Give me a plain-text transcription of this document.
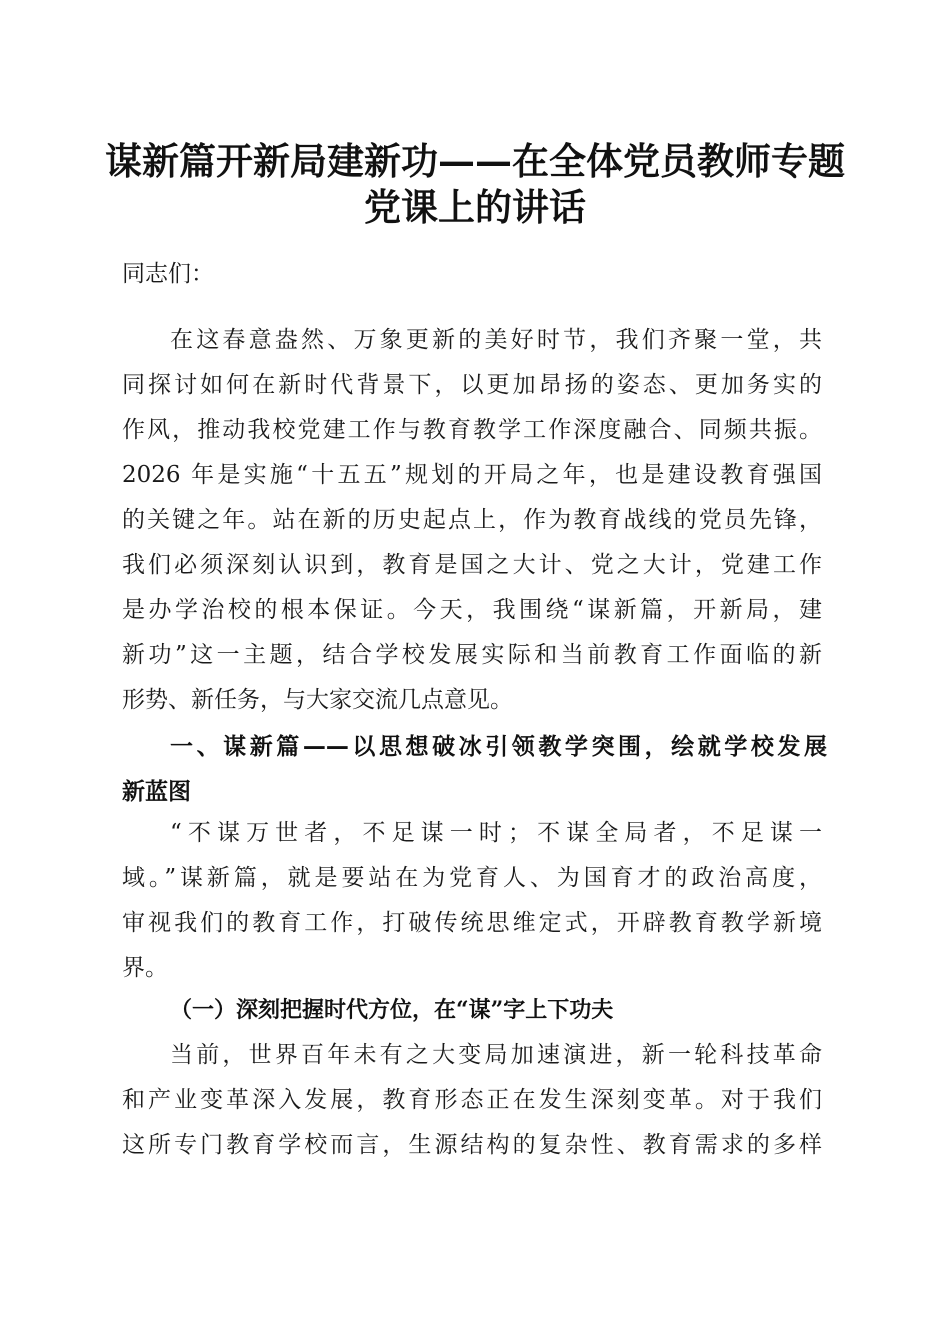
谋新篇开新局建新功——在全体党员教师专题
党课上的讲话
同志们：
在这春意盎然、万象更新的美好时节，我们齐聚一堂，共
同探讨如何在新时代背景下，以更加昂扬的姿态、更加务实的
作风，推动我校党建工作与教育教学工作深度融合、同频共振。
2026 年是实施“十五五”规划的开局之年，也是建设教育强国
的关键之年。站在新的历史起点上，作为教育战线的党员先锋，
我们必须深刻认识到，教育是国之大计、党之大计，党建工作
是办学治校的根本保证。今天，我围绕“谋新篇，开新局，建
新功”这一主题，结合学校发展实际和当前教育工作面临的新
形势、新任务，与大家交流几点意见。
一、谋新篇——以思想破冰引领教学突围，绘就学校发展
新蓝图
“不谋万世者，不足谋一时；不谋全局者，不足谋一
域。”谋新篇，就是要站在为党育人、为国育才的政治高度，
审视我们的教育工作，打破传统思维定式，开辟教育教学新境
界。
（一）深刻把握时代方位，在“谋”字上下功夫
当前，世界百年未有之大变局加速演进，新一轮科技革命
和产业变革深入发展，教育形态正在发生深刻变革。对于我们
这所专门教育学校而言，生源结构的复杂性、教育需求的多样
